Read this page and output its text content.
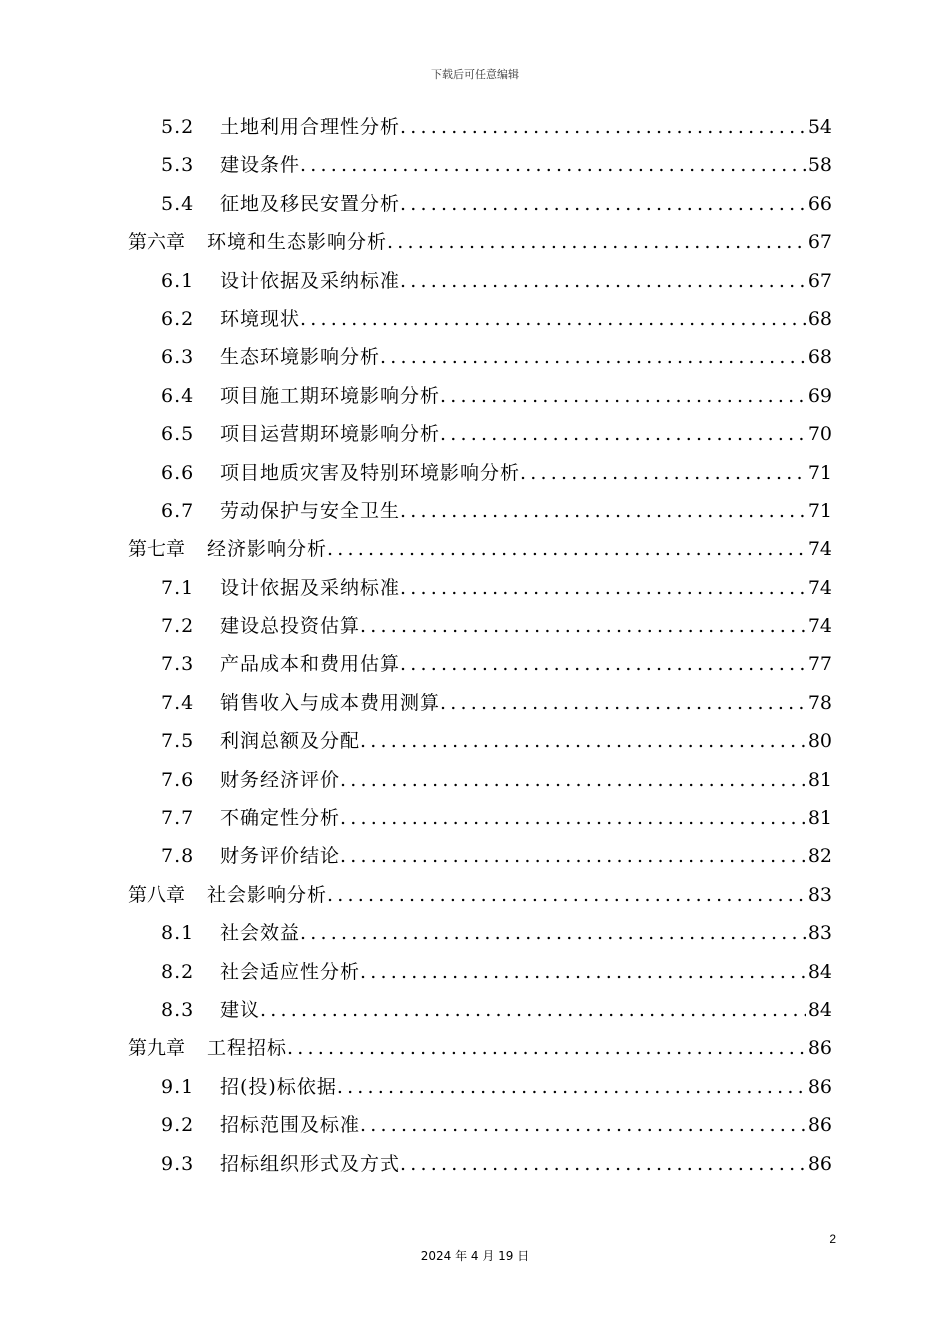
下载后可任意编辑
5.2	土地利用合理性分析 .....	54
5.3	建设条件 .....	58
5.4	征地及移民安置分析 .....	66
第六章	环境和生态影响分析 .....	67
6.1	设计依据及采纳标准 .....	67
6.2	环境现状 .....	68
6.3	生态环境影响分析 .....	68
6.4	项目施工期环境影响分析 .....	69
6.5	项目运营期环境影响分析 .....	70
6.6	项目地质灾害及特别环境影响分析 .....	71
6.7	劳动保护与安全卫生 .....	71
第七章	经济影响分析 .....	74
7.1	设计依据及采纳标准 .....	74
7.2	建设总投资估算 .....	74
7.3	产品成本和费用估算 .....	77
7.4	销售收入与成本费用测算 .....	78
7.5	利润总额及分配 .....	80
7.6	财务经济评价 .....	81
7.7	不确定性分析 .....	81
7.8	财务评价结论 .....	82
第八章	社会影响分析 .....	83
8.1	社会效益 .....	83
8.2	社会适应性分析 .....	84
8.3	建议 .....	84
第九章	工程招标 .....	86
9.1	招(投)标依据 .....	86
9.2	招标范围及标准 .....	86
9.3	招标组织形式及方式 .....	86
2
2024 年 4 月 19 日
